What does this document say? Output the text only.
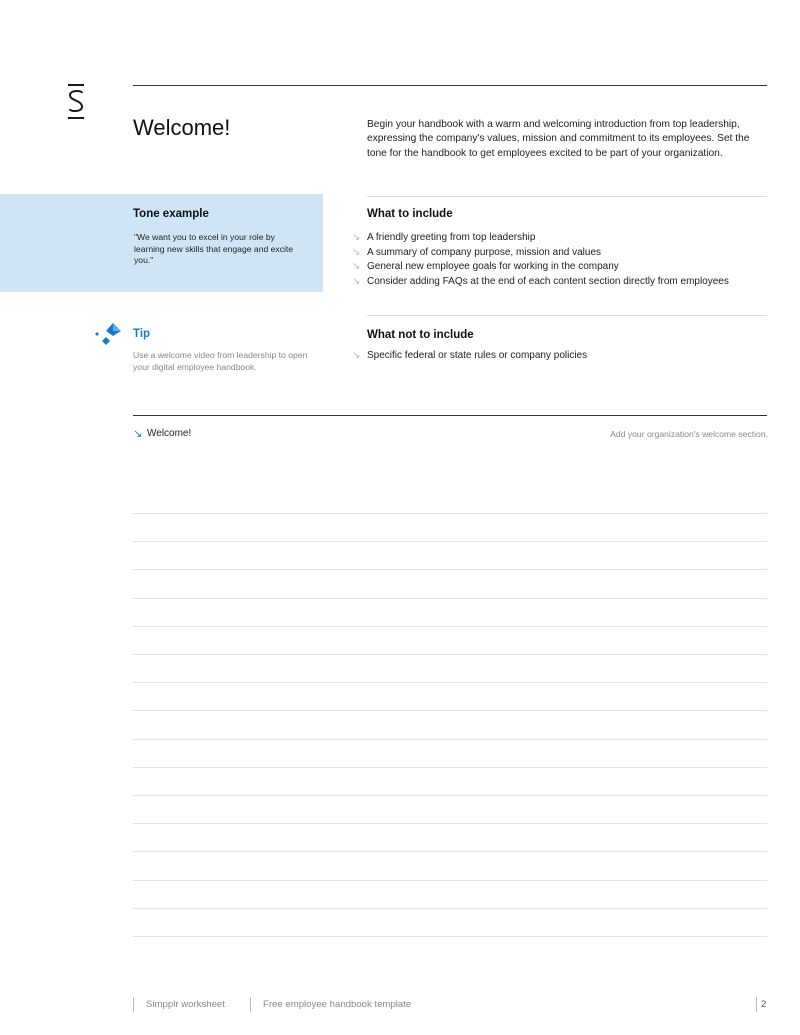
Welcome!	Begin your handbook with a warm and welcoming introduction from top leadership, expressing the company's values, mission and commitment to its employees. Set the tone for the handbook to get employees excited to be part of your organization.

Tone example

"We want you to excel in your role by learning new skills that engage and excite you."

What to include
↘ A friendly greeting from top leadership
↘ A summary of company purpose, mission and values
↘ General new employee goals for working in the company
↘ Consider adding FAQs at the end of each content section directly from employees
Tip

Use a welcome video from leadership to open your digital employee handbook.

What not to include
↘ Specific federal or state rules or company policies
↘ Welcome!	Add your organization's welcome section.
Simpplr worksheet	Free employee handbook template	2
